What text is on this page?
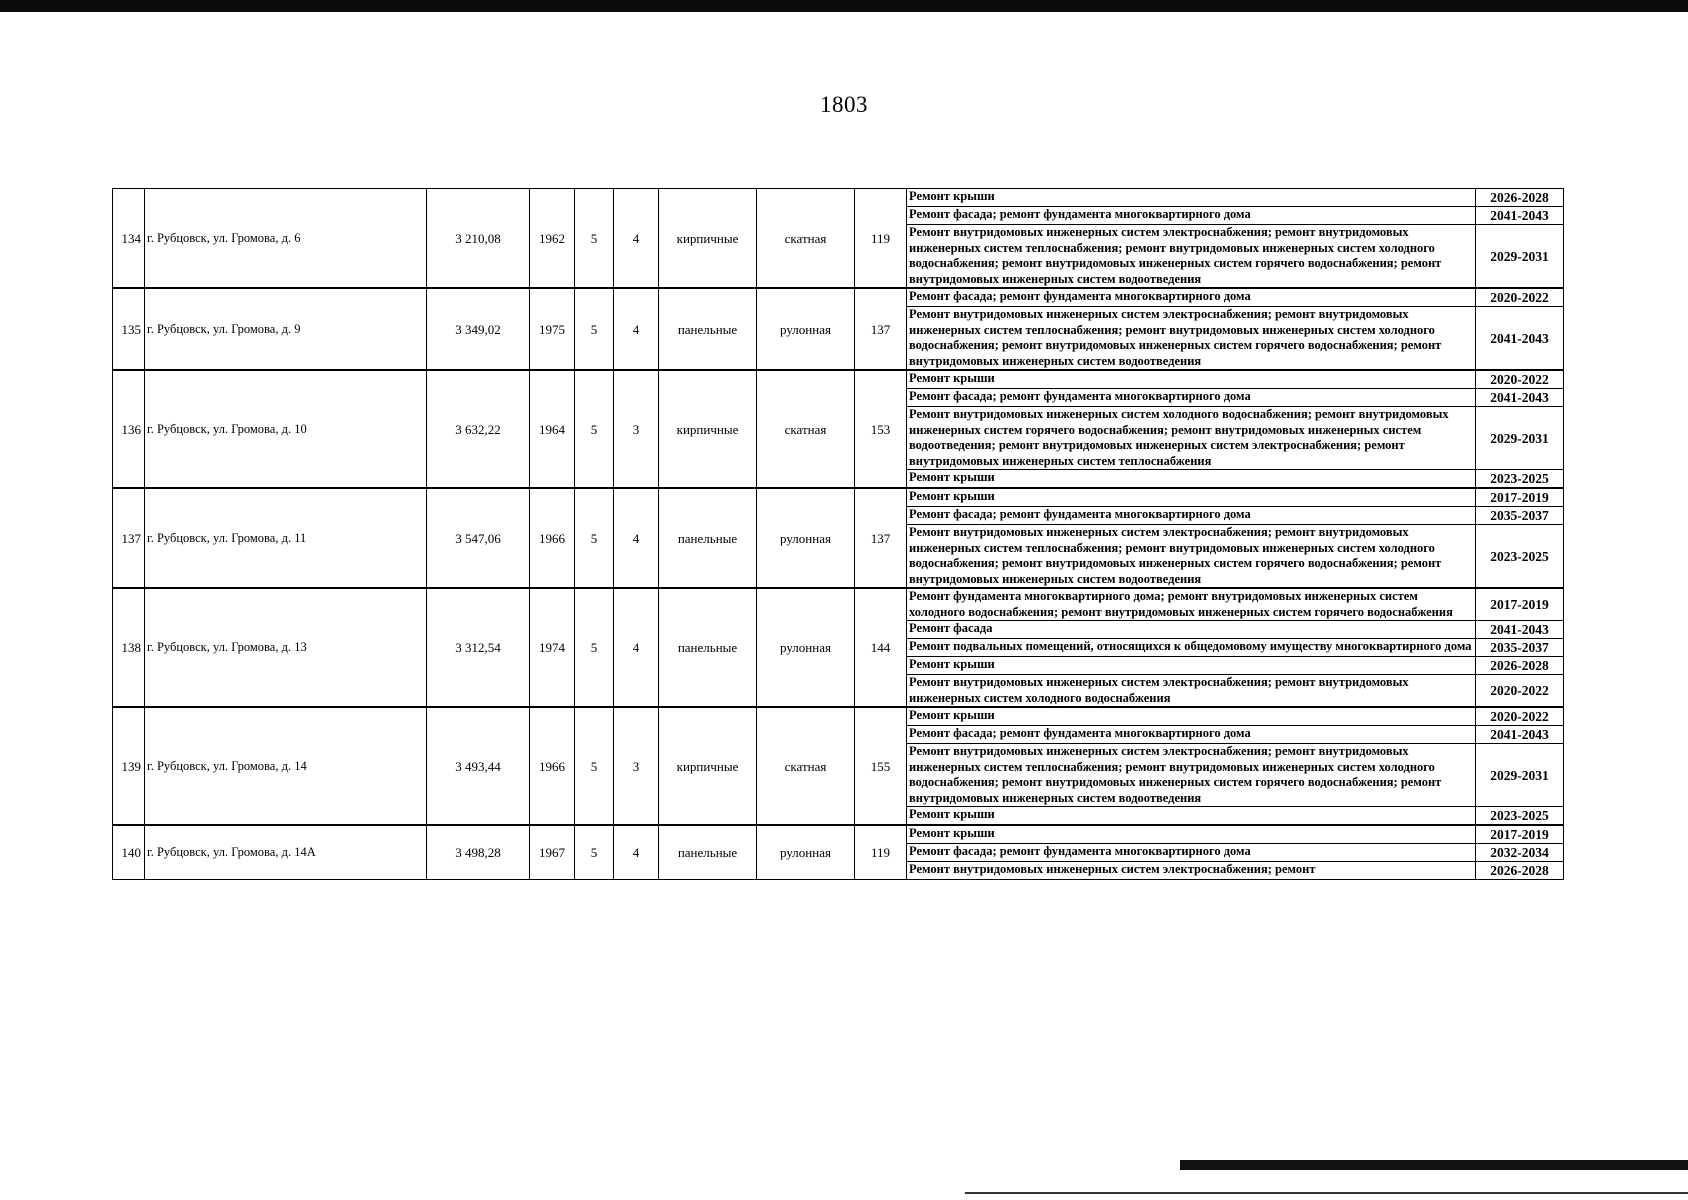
1803
134	г. Рубцовск, ул. Громова, д. 6	3 210,08	1962	5	4	кирпичные	скатная	119	Ремонт крыши	2026-2028
									Ремонт фасада; ремонт фундамента многоквартирного дома	2041-2043
									Ремонт внутридомовых инженерных систем электроснабжения; ремонт внутридомовых инженерных систем теплоснабжения; ремонт внутридомовых инженерных систем холодного водоснабжения; ремонт внутридомовых инженерных систем горячего водоснабжения; ремонт внутридомовых инженерных систем водоотведения	2029-2031
135	г. Рубцовск, ул. Громова, д. 9	3 349,02	1975	5	4	панельные	рулонная	137	Ремонт фасада; ремонт фундамента многоквартирного дома	2020-2022
									Ремонт внутридомовых инженерных систем электроснабжения; ремонт внутридомовых инженерных систем теплоснабжения; ремонт внутридомовых инженерных систем холодного водоснабжения; ремонт внутридомовых инженерных систем горячего водоснабжения; ремонт внутридомовых инженерных систем водоотведения	2041-2043
136	г. Рубцовск, ул. Громова, д. 10	3 632,22	1964	5	3	кирпичные	скатная	153	Ремонт крыши	2020-2022
									Ремонт фасада; ремонт фундамента многоквартирного дома	2041-2043
									Ремонт внутридомовых инженерных систем холодного водоснабжения; ремонт внутридомовых инженерных систем горячего водоснабжения; ремонт внутридомовых инженерных систем водоотведения; ремонт внутридомовых инженерных систем электроснабжения; ремонт внутридомовых инженерных систем теплоснабжения	2029-2031
									Ремонт крыши	2023-2025
137	г. Рубцовск, ул. Громова, д. 11	3 547,06	1966	5	4	панельные	рулонная	137	Ремонт крыши	2017-2019
									Ремонт фасада; ремонт фундамента многоквартирного дома	2035-2037
									Ремонт внутридомовых инженерных систем электроснабжения; ремонт внутридомовых инженерных систем теплоснабжения; ремонт внутридомовых инженерных систем холодного водоснабжения; ремонт внутридомовых инженерных систем горячего водоснабжения; ремонт внутридомовых инженерных систем водоотведения	2023-2025
138	г. Рубцовск, ул. Громова, д. 13	3 312,54	1974	5	4	панельные	рулонная	144	Ремонт фундамента многоквартирного дома; ремонт внутридомовых инженерных систем холодного водоснабжения; ремонт внутридомовых инженерных систем горячего водоснабжения	2017-2019
									Ремонт фасада	2041-2043
									Ремонт подвальных помещений, относящихся к общедомовому имуществу многоквартирного дома	2035-2037
									Ремонт крыши	2026-2028
									Ремонт внутридомовых инженерных систем электроснабжения; ремонт внутридомовых инженерных систем холодного водоснабжения	2020-2022
139	г. Рубцовск, ул. Громова, д. 14	3 493,44	1966	5	3	кирпичные	скатная	155	Ремонт крыши	2020-2022
									Ремонт фасада; ремонт фундамента многоквартирного дома	2041-2043
									Ремонт внутридомовых инженерных систем электроснабжения; ремонт внутридомовых инженерных систем теплоснабжения; ремонт внутридомовых инженерных систем холодного водоснабжения; ремонт внутридомовых инженерных систем горячего водоснабжения; ремонт внутридомовых инженерных систем водоотведения	2029-2031
									Ремонт крыши	2023-2025
140	г. Рубцовск, ул. Громова, д. 14А	3 498,28	1967	5	4	панельные	рулонная	119	Ремонт крыши	2017-2019
									Ремонт фасада; ремонт фундамента многоквартирного дома	2032-2034
									Ремонт внутридомовых инженерных систем электроснабжения; ремонт	2026-2028
